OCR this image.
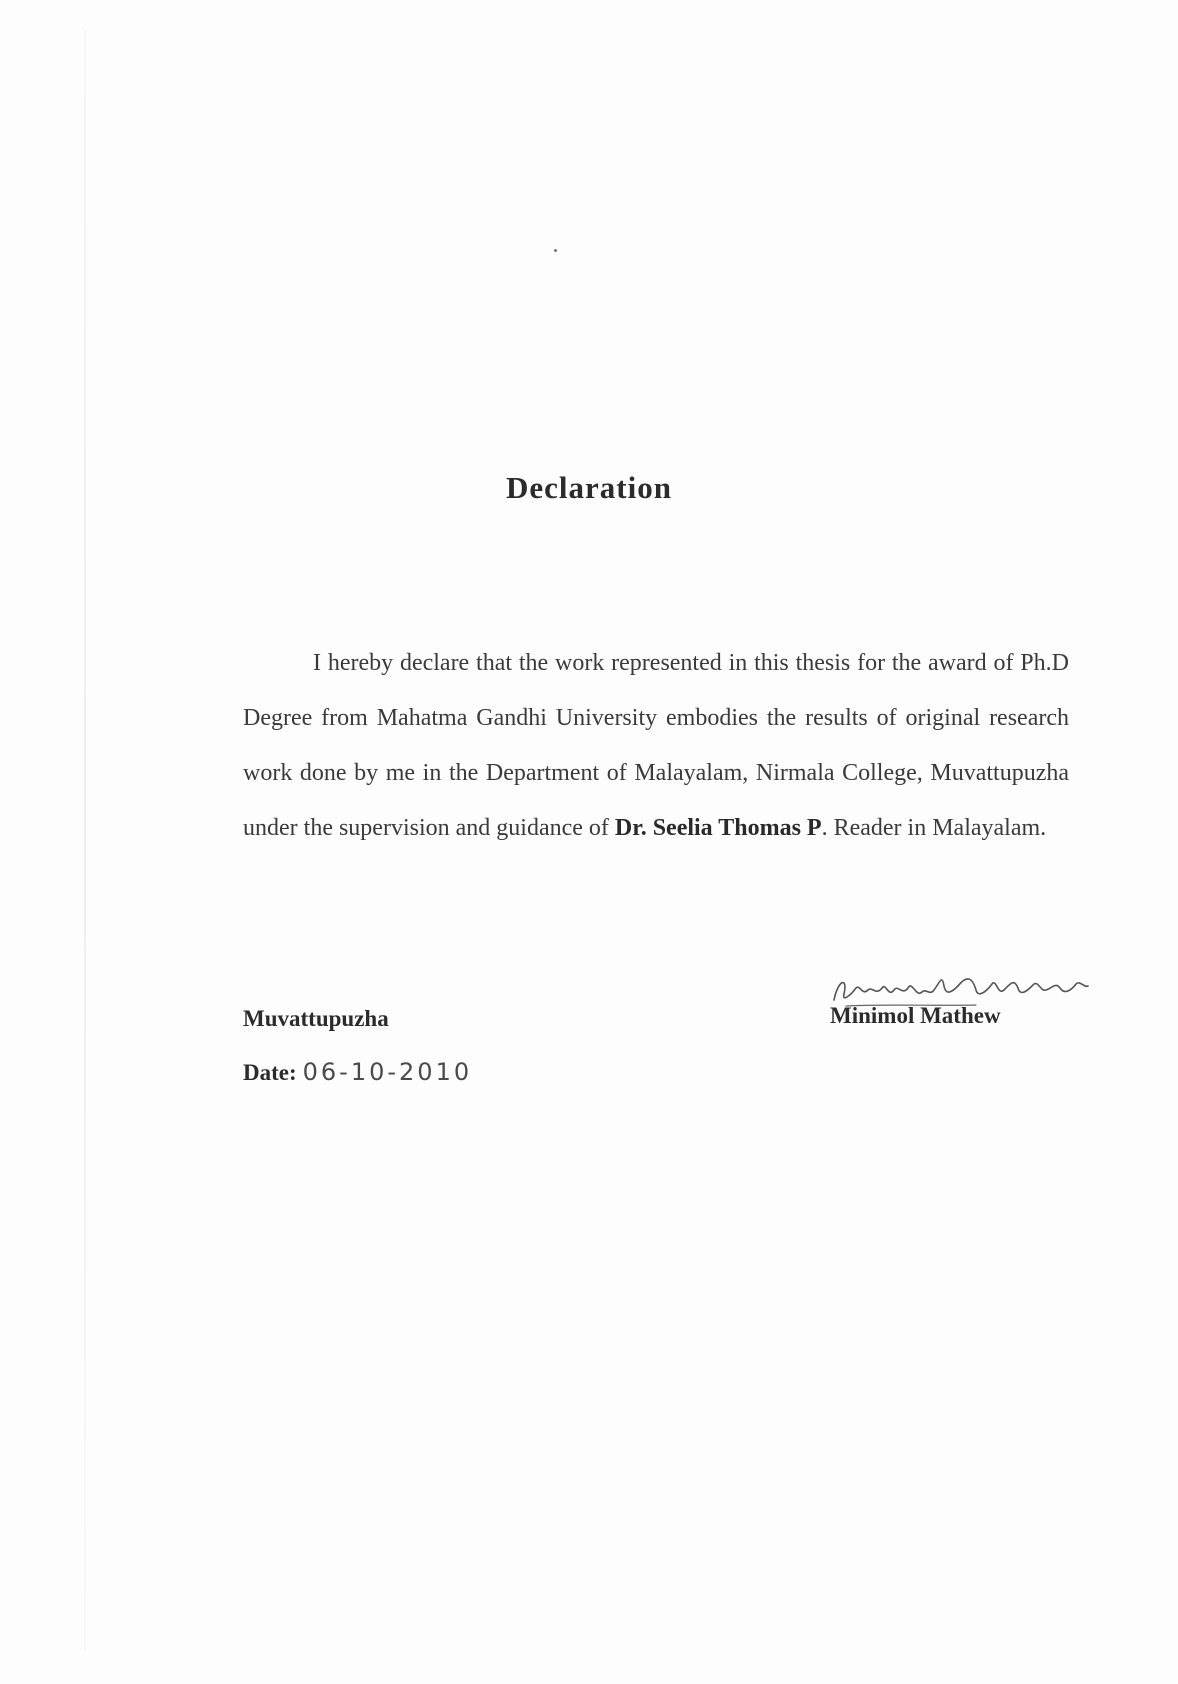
Declaration
I hereby declare that the work represented in this thesis for the award of Ph.D Degree from Mahatma Gandhi University embodies the results of original research work done by me in the Department of Malayalam, Nirmala College, Muvattupuzha under the supervision and guidance of Dr. Seelia Thomas P. Reader in Malayalam.
Muvattupuzha
Date: 06-10-2010
Minimol Mathew
